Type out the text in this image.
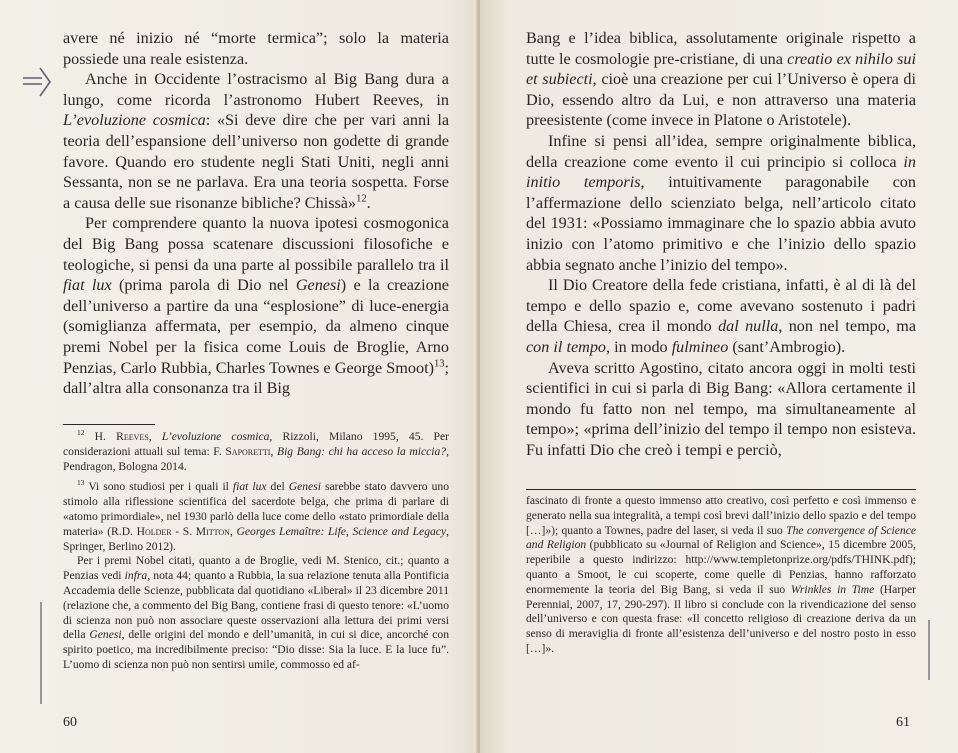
avere né inizio né “morte termica”; solo la materia possiede una reale esistenza.

Anche in Occidente l’ostracismo al Big Bang dura a lungo, come ricorda l’astronomo Hubert Reeves, in L’evoluzione cosmica: «Si deve dire che per vari anni la teoria dell’espansione dell’universo non godette di grande favore. Quando ero studente negli Stati Uniti, negli anni Sessanta, non se ne parlava. Era una teoria sospetta. Forse a causa delle sue risonanze bibliche? Chissà»$^{12}$.

Per comprendere quanto la nuova ipotesi cosmogonica del Big Bang possa scatenare discussioni filosofiche e teologiche, si pensi da una parte al possibile parallelo tra il fiat lux (prima parola di Dio nel Genesi) e la creazione dell’universo a partire da una “esplosione” di luce-energia (somiglianza affermata, per esempio, da almeno cinque premi Nobel per la fisica come Louis de Broglie, Arno Penzias, Carlo Rubbia, Charles Townes e George Smoot)$^{13}$; dall’altra alla consonanza tra il Big

$^{12}$ H. Reeves, L’evoluzione cosmica, Rizzoli, Milano 1995, 45. Per considerazioni attuali sul tema: F. Saporetti, Big Bang: chi ha acceso la miccia?, Pendragon, Bologna 2014.

$^{13}$ Vi sono studiosi per i quali il fiat lux del Genesi sarebbe stato davvero uno stimolo alla riflessione scientifica del sacerdote belga, che prima di parlare di «atomo primordiale», nel 1930 parlò della luce come dello «stato primordiale della materia» (R.D. Holder - S. Mitton, Georges Lemaître: Life, Science and Legacy, Springer, Berlino 2012).

Per i premi Nobel citati, quanto a de Broglie, vedi M. Stenico, cit.; quanto a Penzias vedi infra, nota 44; quanto a Rubbia, la sua relazione tenuta alla Pontificia Accademia delle Scienze, pubblicata dal quotidiano «Liberal» il 23 dicembre 2011 (relazione che, a commento del Big Bang, contiene frasi di questo tenore: «L’uomo di scienza non può non associare queste osservazioni alla lettura dei primi versi della Genesi, delle origini del mondo e dell’umanità, in cui si dice, ancorché con spirito poetico, ma incredibilmente preciso: “Dio disse: Sia la luce. E la luce fu”. L’uomo di scienza non può non sentirsi umile, commosso ed af-

60

Bang e l’idea biblica, assolutamente originale rispetto a tutte le cosmologie pre-cristiane, di una creatio ex nihilo sui et subiecti, cioè una creazione per cui l’Universo è opera di Dio, essendo altro da Lui, e non attraverso una materia preesistente (come invece in Platone o Aristotele).

Infine si pensi all’idea, sempre originalmente biblica, della creazione come evento il cui principio si colloca in initio temporis, intuitivamente paragonabile con l’affermazione dello scienziato belga, nell’articolo citato del 1931: «Possiamo immaginare che lo spazio abbia avuto inizio con l’atomo primitivo e che l’inizio dello spazio abbia segnato anche l’inizio del tempo».

Il Dio Creatore della fede cristiana, infatti, è al di là del tempo e dello spazio e, come avevano sostenuto i padri della Chiesa, crea il mondo dal nulla, non nel tempo, ma con il tempo, in modo fulmineo (sant’Ambrogio).

Aveva scritto Agostino, citato ancora oggi in molti testi scientifici in cui si parla di Big Bang: «Allora certamente il mondo fu fatto non nel tempo, ma simultaneamente al tempo»; «prima dell’inizio del tempo il tempo non esisteva. Fu infatti Dio che creò i tempi e perciò,

fascinato di fronte a questo immenso atto creativo, così perfetto e così immenso e generato nella sua integralità, a tempi così brevi dall’inizio dello spazio e del tempo […]»); quanto a Townes, padre del laser, si veda il suo The convergence of Science and Religion (pubblicato su «Journal of Religion and Science», 15 dicembre 2005, reperibile a questo indirizzo: http://www.templetonprize.org/pdfs/THINK.pdf); quanto a Smoot, le cui scoperte, come quelle di Penzias, hanno rafforzato enormemente la teoria del Big Bang, si veda il suo Wrinkles in Time (Harper Perennial, 2007, 17, 290-297). Il libro si conclude con la rivendicazione del senso dell’universo e con questa frase: «Il concetto religioso di creazione deriva da un senso di meraviglia di fronte all’esistenza dell’universo e del nostro posto in esso […]».

61
